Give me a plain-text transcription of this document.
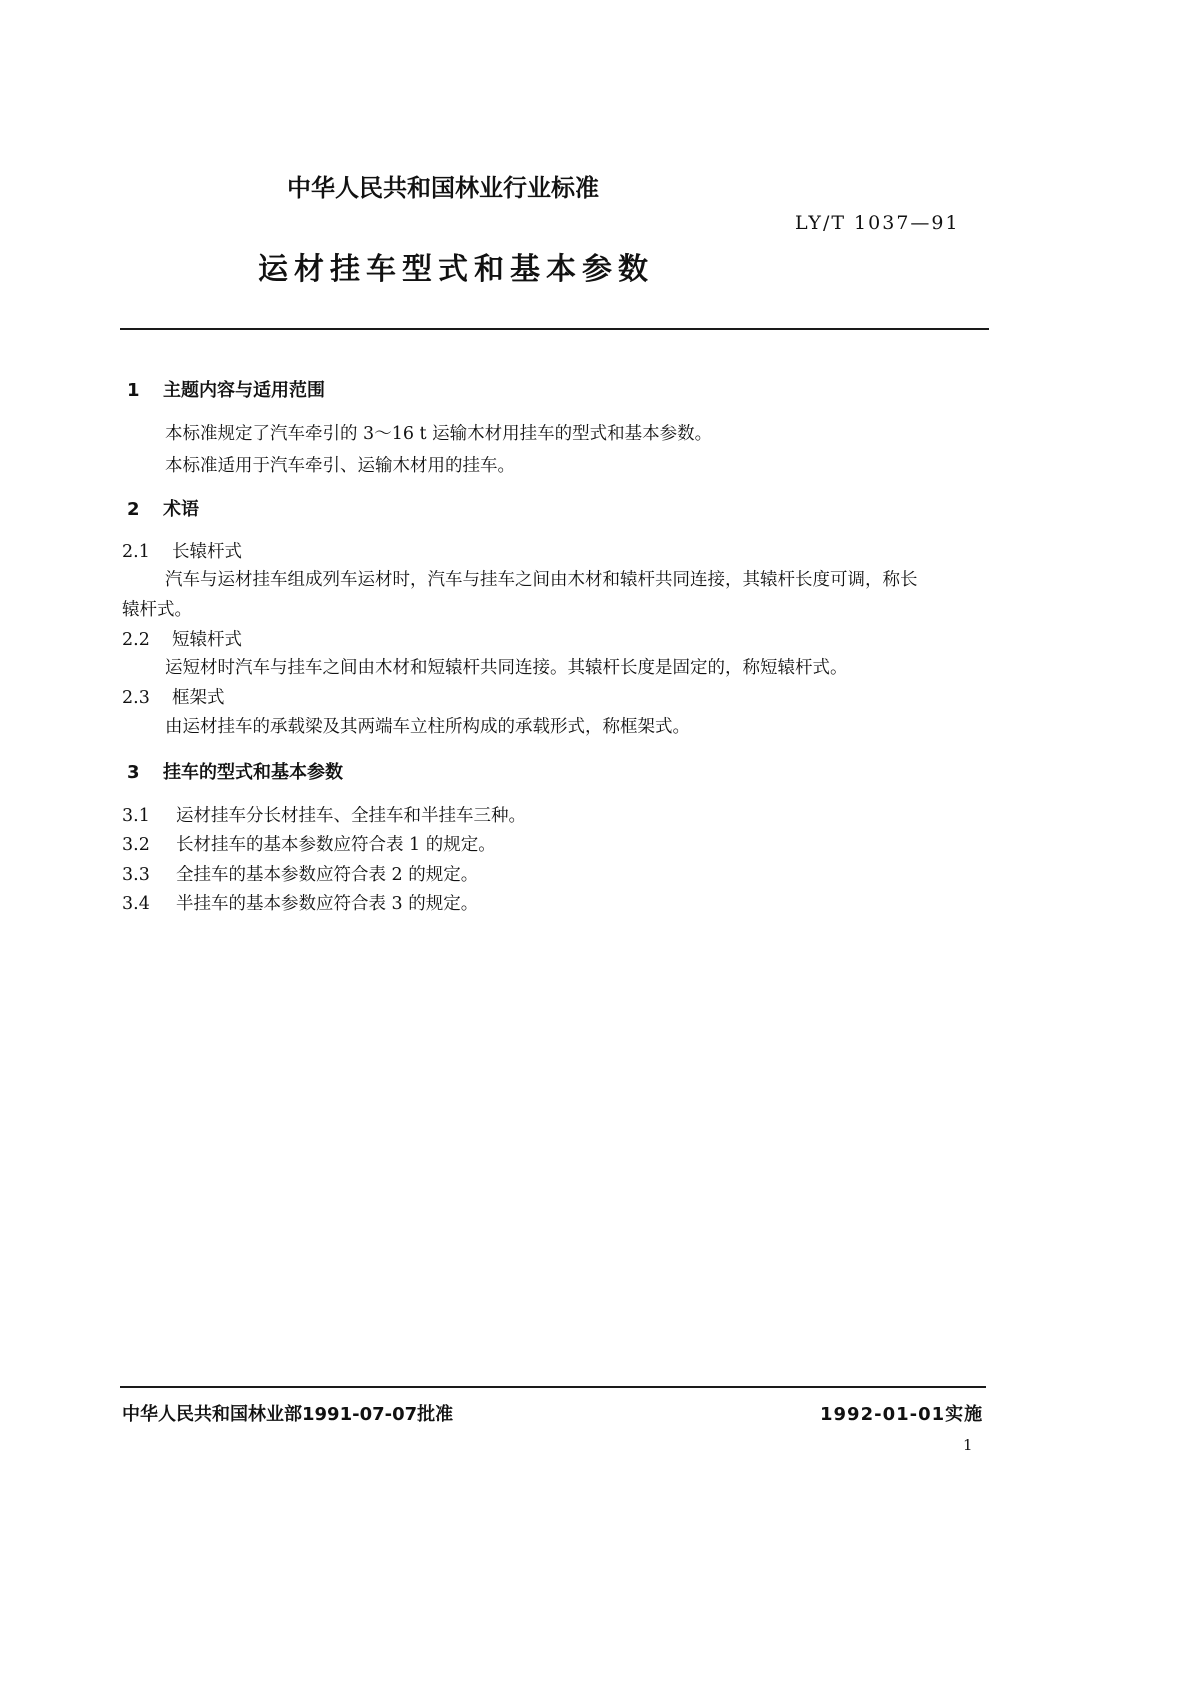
中华人民共和国林业行业标准
LY/T 1037—91
运材挂车型式和基本参数
1 主题内容与适用范围
本标准规定了汽车牵引的 3～16 t 运输木材用挂车的型式和基本参数。
本标准适用于汽车牵引、运输木材用的挂车。
2 术语
2.1 长辕杆式
汽车与运材挂车组成列车运材时，汽车与挂车之间由木材和辕杆共同连接，其辕杆长度可调，称长
辕杆式。
2.2 短辕杆式
运短材时汽车与挂车之间由木材和短辕杆共同连接。其辕杆长度是固定的，称短辕杆式。
2.3 框架式
由运材挂车的承载梁及其两端车立柱所构成的承载形式，称框架式。
3 挂车的型式和基本参数
3.1 运材挂车分长材挂车、全挂车和半挂车三种。
3.2 长材挂车的基本参数应符合表 1 的规定。
3.3 全挂车的基本参数应符合表 2 的规定。
3.4 半挂车的基本参数应符合表 3 的规定。
中华人民共和国林业部1991-07-07批准	1992-01-01实施
1
